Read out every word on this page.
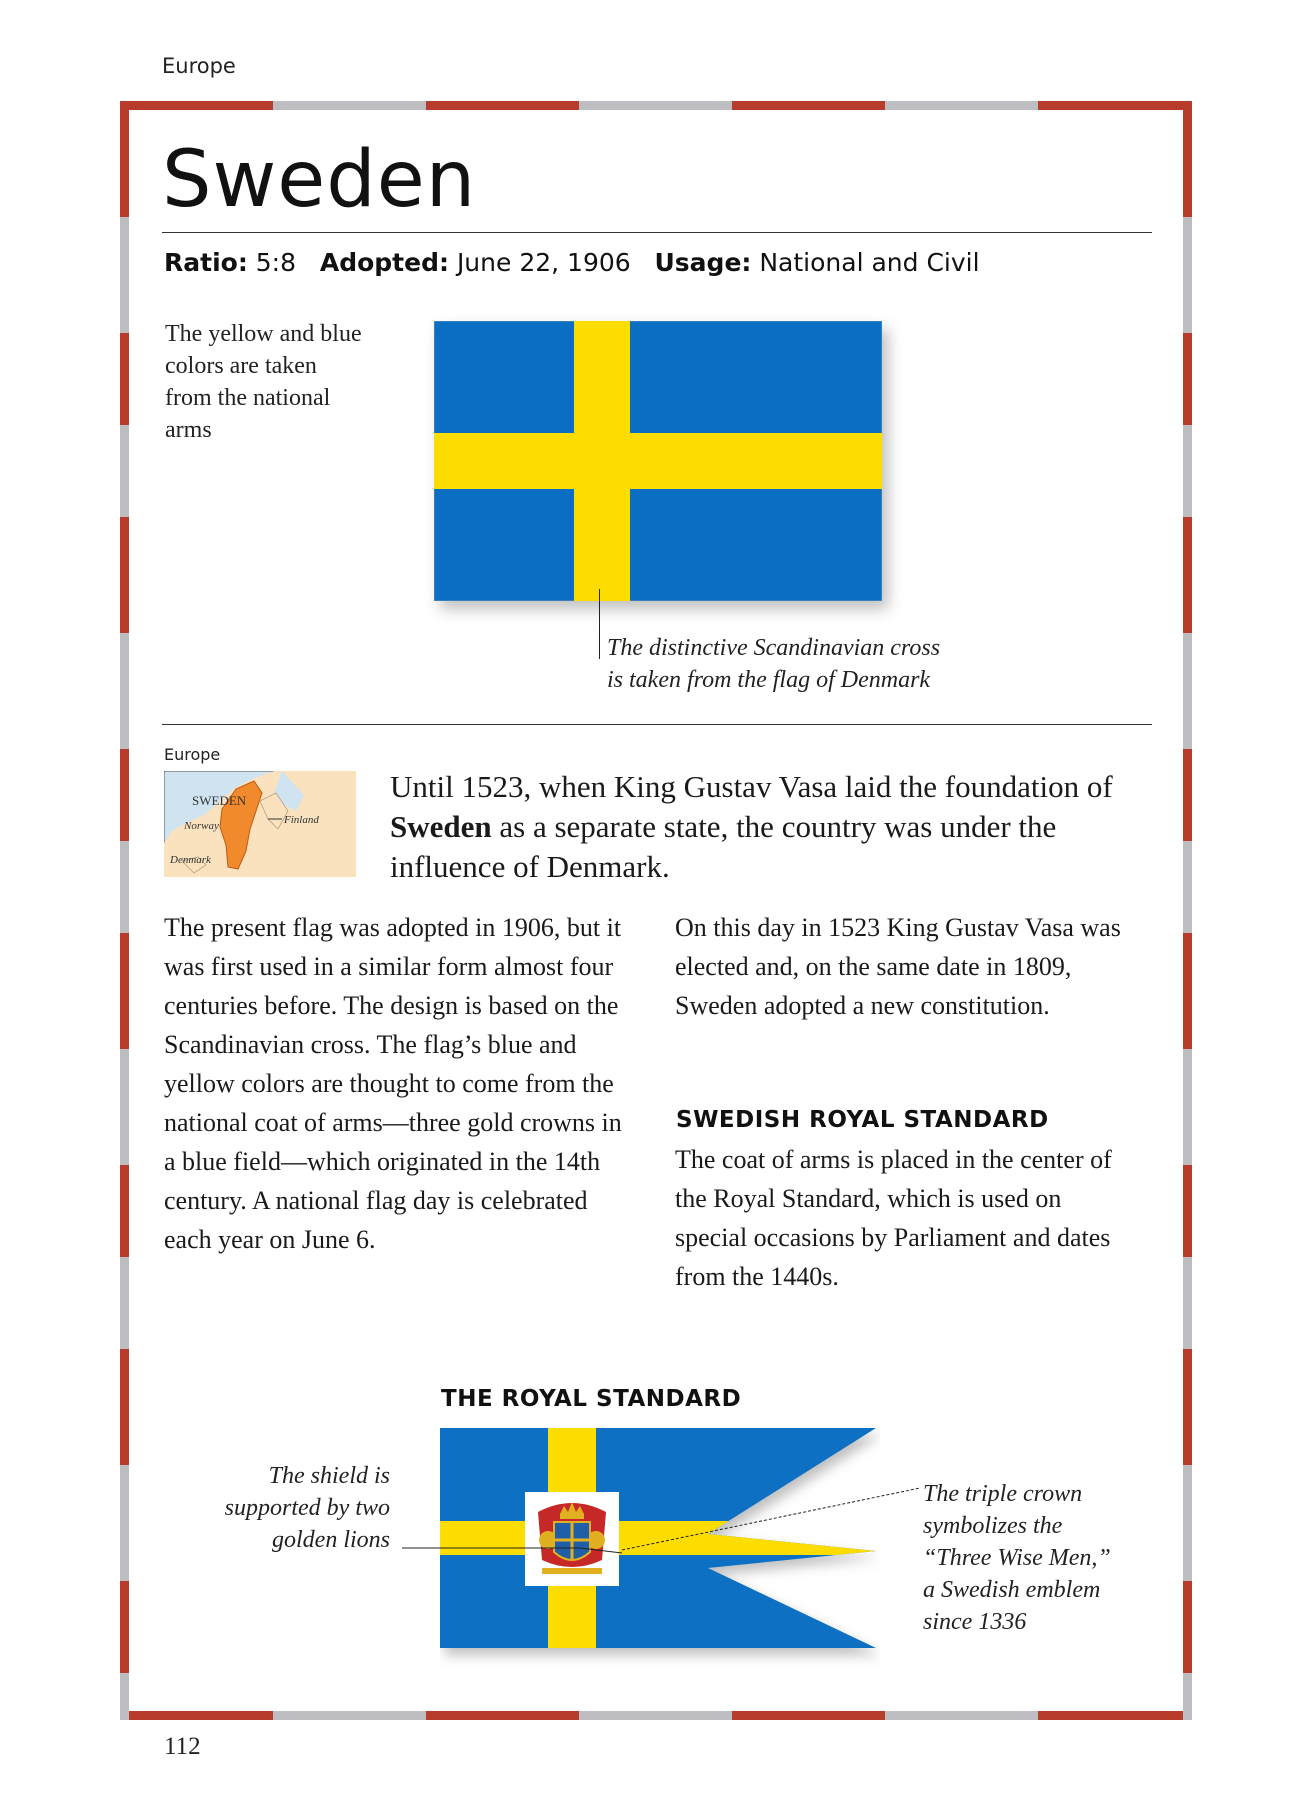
Europe
Sweden
Ratio: 5:8 Adopted: June 22, 1906 Usage: National and Civil
The yellow and blue colors are taken from the national arms
The distinctive Scandinavian cross
is taken from the flag of Denmark
Europe
SWEDEN
Norway	Finland
Denmark
Until 1523, when King Gustav Vasa laid the foundation of Sweden as a separate state, the country was under the influence of Denmark.
The present flag was adopted in 1906, but it was first used in a similar form almost four centuries before. The design is based on the Scandinavian cross. The flag’s blue and yellow colors are thought to come from the national coat of arms—three gold crowns in a blue field—which originated in the 14th century. A national flag day is celebrated each year on June 6.
On this day in 1523 King Gustav Vasa was elected and, on the same date in 1809, Sweden adopted a new constitution.
SWEDISH ROYAL STANDARD
The coat of arms is placed in the center of the Royal Standard, which is used on special occasions by Parliament and dates from the 1440s.
THE ROYAL STANDARD
The shield is supported by two golden lions
The triple crown
symbolizes the
“Three Wise Men,”
a Swedish emblem
since 1336
112
